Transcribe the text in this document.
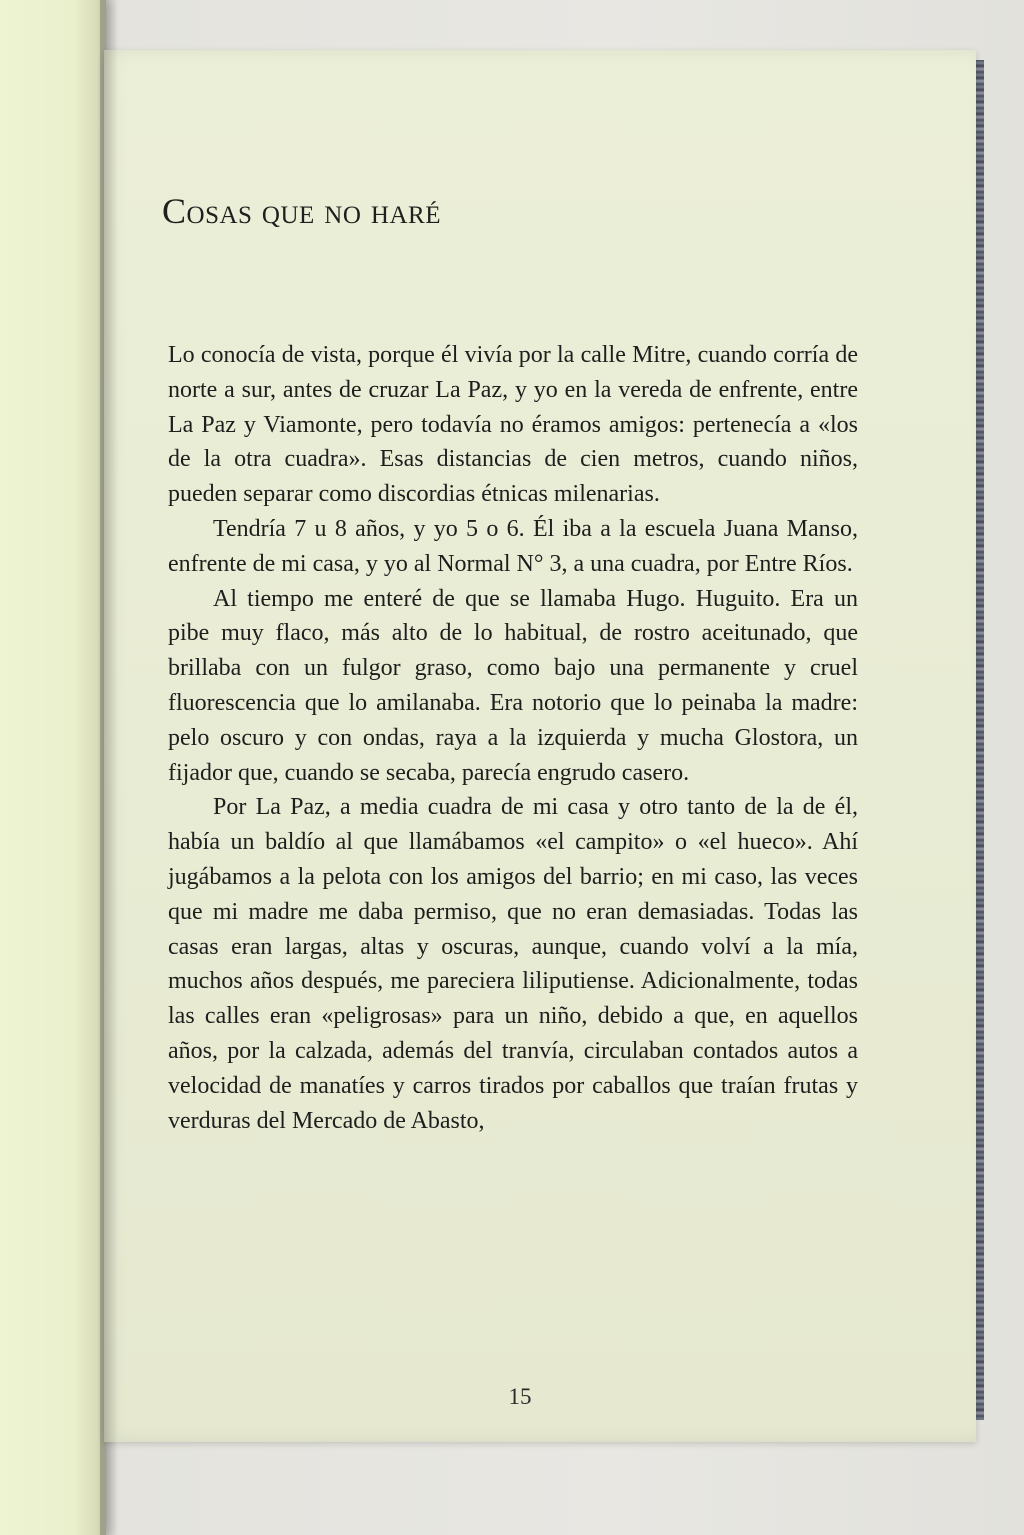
Cosas que no haré

Lo conocía de vista, porque él vivía por la calle Mitre, cuando corría de norte a sur, antes de cruzar La Paz, y yo en la vereda de enfrente, entre La Paz y Viamonte, pero todavía no éramos amigos: pertenecía a «los de la otra cuadra». Esas distancias de cien metros, cuando niños, pueden separar como discordias étnicas milenarias.

Tendría 7 u 8 años, y yo 5 o 6. Él iba a la escuela Juana Manso, enfrente de mi casa, y yo al Normal N° 3, a una cuadra, por Entre Ríos.

Al tiempo me enteré de que se llamaba Hugo. Huguito. Era un pibe muy flaco, más alto de lo habitual, de rostro aceitunado, que brillaba con un fulgor graso, como bajo una permanente y cruel fluorescencia que lo amilanaba. Era notorio que lo peinaba la madre: pelo oscuro y con ondas, raya a la izquierda y mucha Glostora, un fijador que, cuando se secaba, parecía engrudo casero.

Por La Paz, a media cuadra de mi casa y otro tanto de la de él, había un baldío al que llamábamos «el campito» o «el hueco». Ahí jugábamos a la pelota con los amigos del barrio; en mi caso, las veces que mi madre me daba permiso, que no eran demasiadas. Todas las casas eran largas, altas y oscuras, aunque, cuando volví a la mía, muchos años después, me pareciera liliputiense. Adicionalmente, todas las calles eran «peligrosas» para un niño, debido a que, en aquellos años, por la calzada, además del tranvía, circulaban contados autos a velocidad de manatíes y carros tirados por caballos que traían frutas y verduras del Mercado de Abasto,

15
